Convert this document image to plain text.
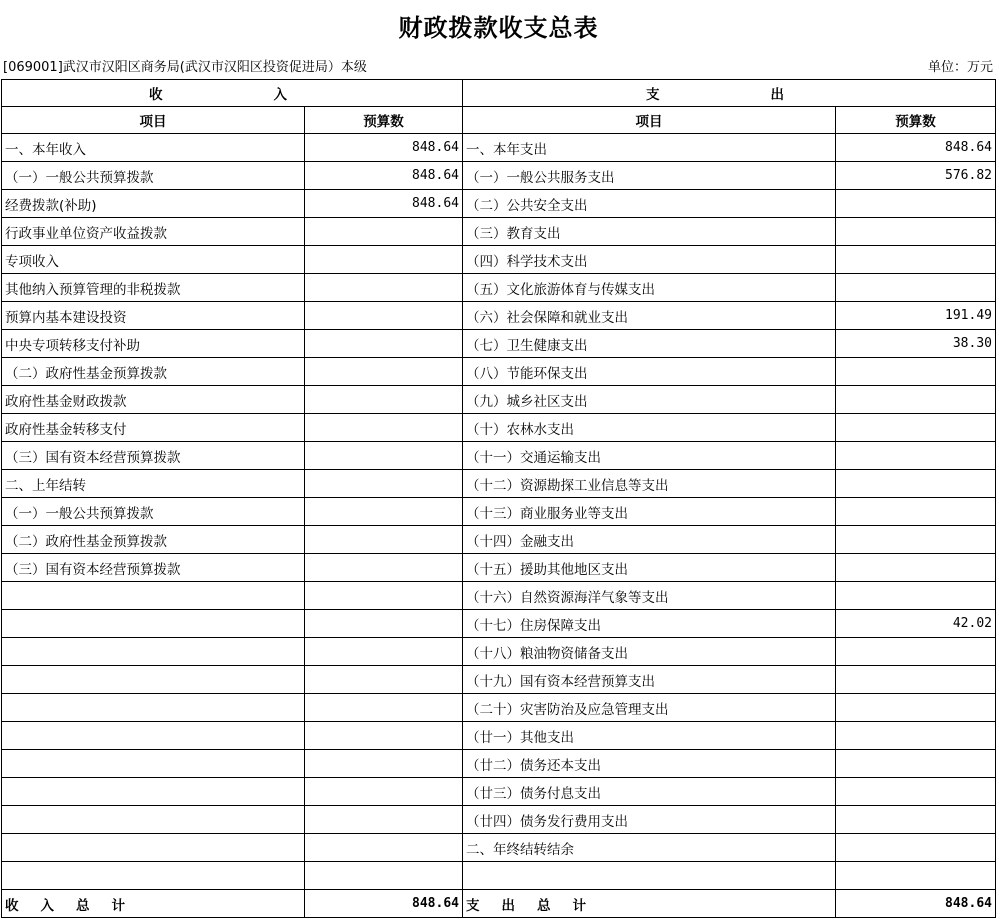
财政拨款收支总表
[069001]武汉市汉阳区商务局(武汉市汉阳区投资促进局）本级	单位：万元
收　　入		支　　出	
项目	预算数	项目	预算数
一、本年收入	848.64	一、本年支出	848.64
（一）一般公共预算拨款	848.64	（一）一般公共服务支出	576.82
经费拨款(补助)	848.64	（二）公共安全支出	
行政事业单位资产收益拨款		（三）教育支出	
专项收入		（四）科学技术支出	
其他纳入预算管理的非税拨款		（五）文化旅游体育与传媒支出	
预算内基本建设投资		（六）社会保障和就业支出	191.49
中央专项转移支付补助		（七）卫生健康支出	38.30
（二）政府性基金预算拨款		（八）节能环保支出	
政府性基金财政拨款		（九）城乡社区支出	
政府性基金转移支付		（十）农林水支出	
（三）国有资本经营预算拨款		（十一）交通运输支出	
二、上年结转		（十二）资源勘探工业信息等支出	
（一）一般公共预算拨款		（十三）商业服务业等支出	
（二）政府性基金预算拨款		（十四）金融支出	
（三）国有资本经营预算拨款		（十五）援助其他地区支出	
		（十六）自然资源海洋气象等支出	
		（十七）住房保障支出	42.02
		（十八）粮油物资储备支出	
		（十九）国有资本经营预算支出	
		（二十）灾害防治及应急管理支出	
		（廿一）其他支出	
		（廿二）债务还本支出	
		（廿三）债务付息支出	
		（廿四）债务发行费用支出	
		二、年终结转结余	

收入总计	848.64	支出总计	848.64
